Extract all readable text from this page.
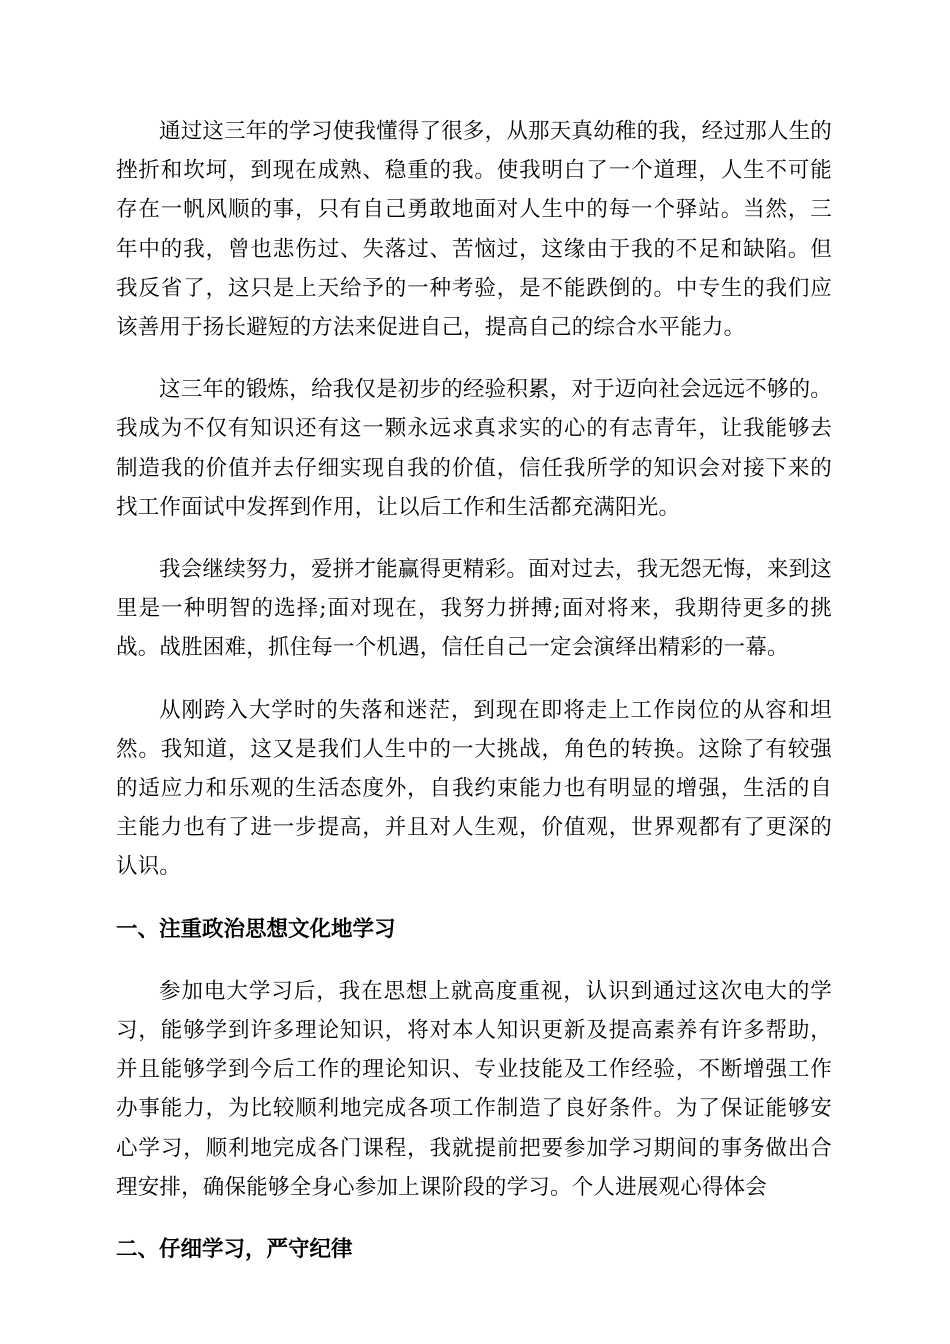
通过这三年的学习使我懂得了很多，从那天真幼稚的我，经过那人生的挫折和坎坷，到现在成熟、稳重的我。使我明白了一个道理，人生不可能存在一帆风顺的事，只有自己勇敢地面对人生中的每一个驿站。当然，三年中的我，曾也悲伤过、失落过、苦恼过，这缘由于我的不足和缺陷。但我反省了，这只是上天给予的一种考验，是不能跌倒的。中专生的我们应该善用于扬长避短的方法来促进自己，提高自己的综合水平能力。

这三年的锻炼，给我仅是初步的经验积累，对于迈向社会远远不够的。我成为不仅有知识还有这一颗永远求真求实的心的有志青年，让我能够去制造我的价值并去仔细实现自我的价值，信任我所学的知识会对接下来的找工作面试中发挥到作用，让以后工作和生活都充满阳光。

我会继续努力，爱拼才能赢得更精彩。面对过去，我无怨无悔，来到这里是一种明智的选择;面对现在，我努力拼搏;面对将来，我期待更多的挑战。战胜困难，抓住每一个机遇，信任自己一定会演绎出精彩的一幕。

从刚跨入大学时的失落和迷茫，到现在即将走上工作岗位的从容和坦然。我知道，这又是我们人生中的一大挑战，角色的转换。这除了有较强的适应力和乐观的生活态度外，自我约束能力也有明显的增强，生活的自主能力也有了进一步提高，并且对人生观，价值观，世界观都有了更深的认识。

一、注重政治思想文化地学习

参加电大学习后，我在思想上就高度重视，认识到通过这次电大的学习，能够学到许多理论知识，将对本人知识更新及提高素养有许多帮助，并且能够学到今后工作的理论知识、专业技能及工作经验，不断增强工作办事能力，为比较顺利地完成各项工作制造了良好条件。为了保证能够安心学习，顺利地完成各门课程，我就提前把要参加学习期间的事务做出合理安排，确保能够全身心参加上课阶段的学习。个人进展观心得体会

二、仔细学习，严守纪律
